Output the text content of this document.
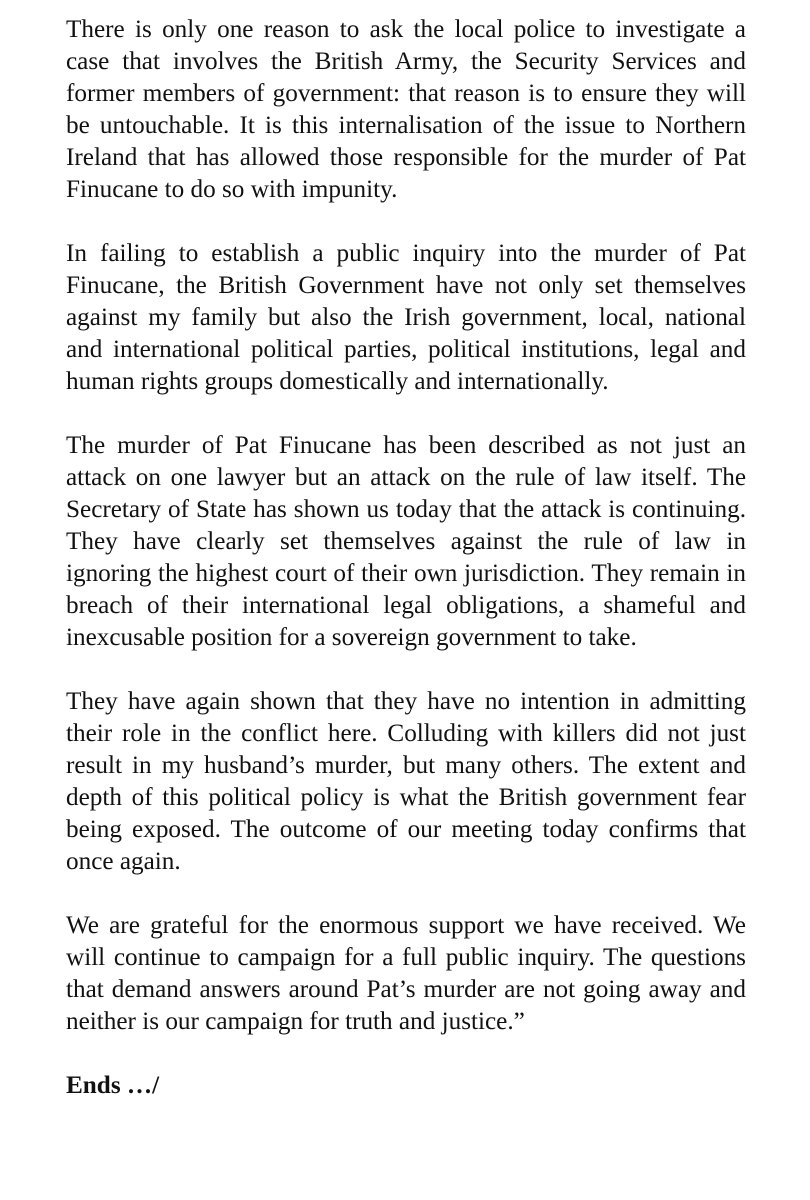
There is only one reason to ask the local police to investigate a case that involves the British Army, the Security Services and former members of government: that reason is to ensure they will be untouchable. It is this internalisation of the issue to Northern Ireland that has allowed those responsible for the murder of Pat Finucane to do so with impunity.

In failing to establish a public inquiry into the murder of Pat Finucane, the British Government have not only set themselves against my family but also the Irish government, local, national and international political parties, political institutions, legal and human rights groups domestically and internationally.

The murder of Pat Finucane has been described as not just an attack on one lawyer but an attack on the rule of law itself. The Secretary of State has shown us today that the attack is continuing. They have clearly set themselves against the rule of law in ignoring the highest court of their own jurisdiction. They remain in breach of their international legal obligations, a shameful and inexcusable position for a sovereign government to take.

They have again shown that they have no intention in admitting their role in the conflict here. Colluding with killers did not just result in my husband’s murder, but many others. The extent and depth of this political policy is what the British government fear being exposed. The outcome of our meeting today confirms that once again.

We are grateful for the enormous support we have received. We will continue to campaign for a full public inquiry. The questions that demand answers around Pat’s murder are not going away and neither is our campaign for truth and justice.”

Ends …/
